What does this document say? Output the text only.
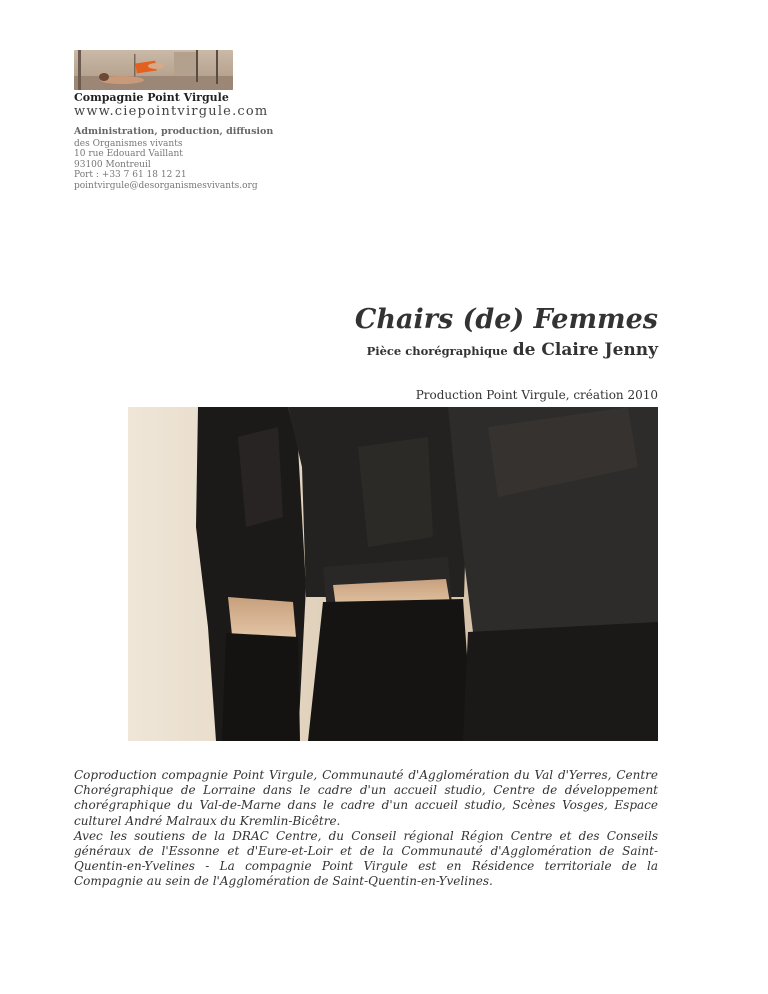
Compagnie Point Virgule
www.ciepointvirgule.com
Administration, production, diffusion
des Organismes vivants
10 rue Edouard Vaillant
93100 Montreuil
Port : +33 7 61 18 12 21
pointvirgule@desorganismesvivants.org
Chairs (de) Femmes
Pièce chorégraphique de Claire Jenny
Production Point Virgule, création 2010

Coproduction compagnie Point Virgule, Communauté d'Agglomération du Val d'Yerres, Centre Chorégraphique de Lorraine dans le cadre d'un accueil studio, Centre de développement chorégraphique du Val-de-Marne dans le cadre d'un accueil studio, Scènes Vosges, Espace culturel André Malraux du Kremlin-Bicêtre.

Avec les soutiens de la DRAC Centre, du Conseil régional Région Centre et des Conseils généraux de l'Essonne et d'Eure-et-Loir et de la Communauté d'Agglomération de Saint-Quentin-en-Yvelines - La compagnie Point Virgule est en Résidence territoriale de la Compagnie au sein de l'Agglomération de Saint-Quentin-en-Yvelines.
